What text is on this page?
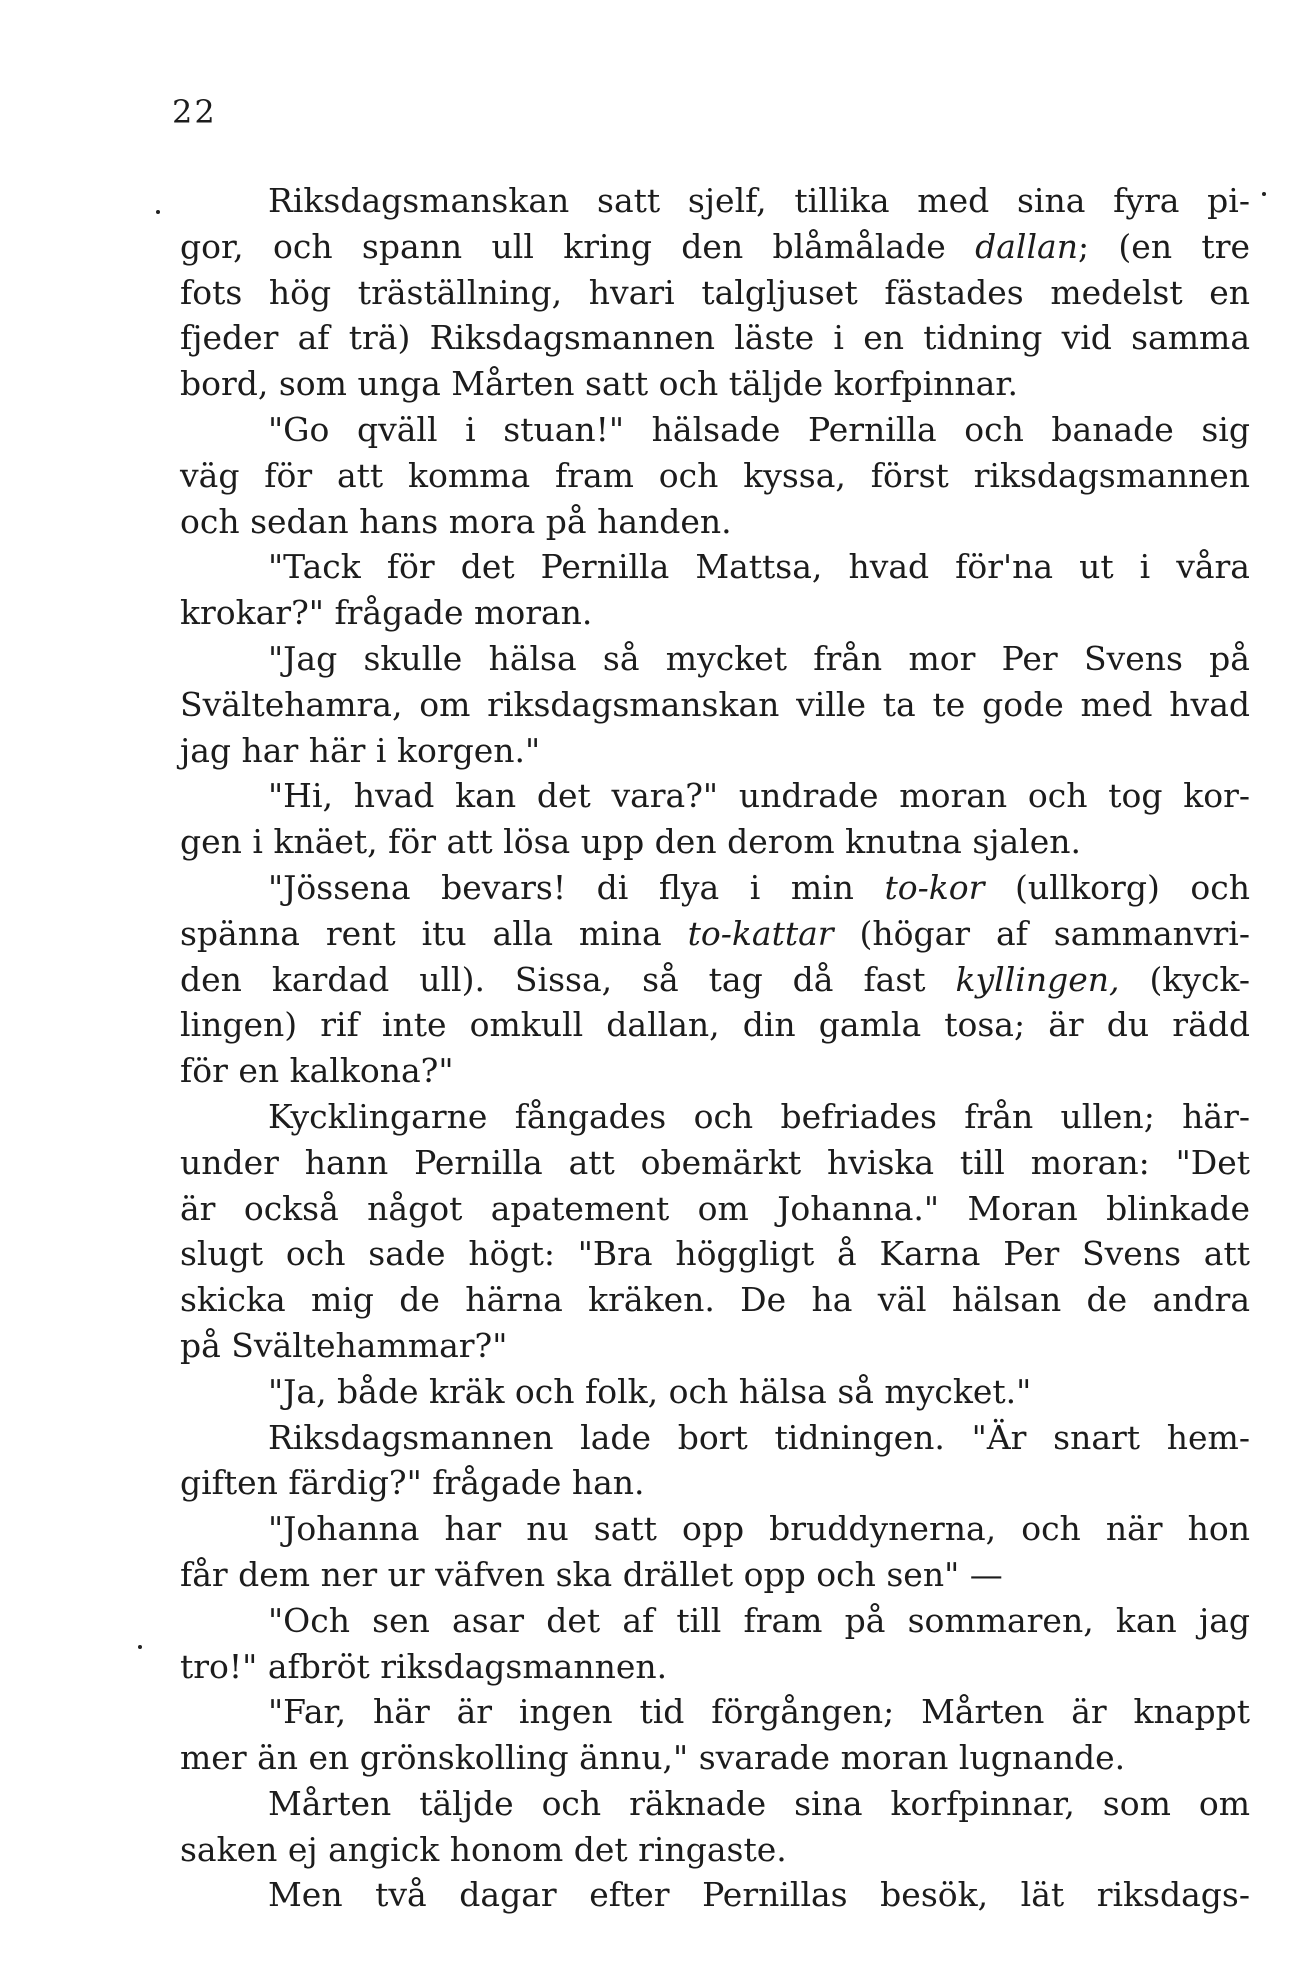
22
Riksdagsmanskan satt sjelf, tillika med sina fyra pi-
gor, och spann ull kring den blåmålade dallan; (en tre
fots hög träställning, hvari talgljuset fästades medelst en
fjeder af trä) Riksdagsmannen läste i en tidning vid samma
bord, som unga Mårten satt och täljde korfpinnar.
"Go qväll i stuan!" hälsade Pernilla och banade sig
väg för att komma fram och kyssa, först riksdagsmannen
och sedan hans mora på handen.
"Tack för det Pernilla Mattsa, hvad för'na ut i våra
krokar?" frågade moran.
"Jag skulle hälsa så mycket från mor Per Svens på
Svältehamra, om riksdagsmanskan ville ta te gode med hvad
jag har här i korgen."
"Hi, hvad kan det vara?" undrade moran och tog kor-
gen i knäet, för att lösa upp den derom knutna sjalen.
"Jössena bevars! di flya i min to-kor (ullkorg) och
spänna rent itu alla mina to-kattar (högar af sammanvri-
den kardad ull). Sissa, så tag då fast kyllingen, (kyck-
lingen) rif inte omkull dallan, din gamla tosa; är du rädd
för en kalkona?"
Kycklingarne fångades och befriades från ullen; här-
under hann Pernilla att obemärkt hviska till moran: "Det
är också något apatement om Johanna." Moran blinkade
slugt och sade högt: "Bra höggligt å Karna Per Svens att
skicka mig de härna kräken. De ha väl hälsan de andra
på Svältehammar?"
"Ja, både kräk och folk, och hälsa så mycket."
Riksdagsmannen lade bort tidningen. "Är snart hem-
giften färdig?" frågade han.
"Johanna har nu satt opp bruddynerna, och när hon
får dem ner ur väfven ska drället opp och sen" —
"Och sen asar det af till fram på sommaren, kan jag
tro!" afbröt riksdagsmannen.
"Far, här är ingen tid förgången; Mårten är knappt
mer än en grönskolling ännu," svarade moran lugnande.
Mårten täljde och räknade sina korfpinnar, som om
saken ej angick honom det ringaste.
Men två dagar efter Pernillas besök, lät riksdags-
